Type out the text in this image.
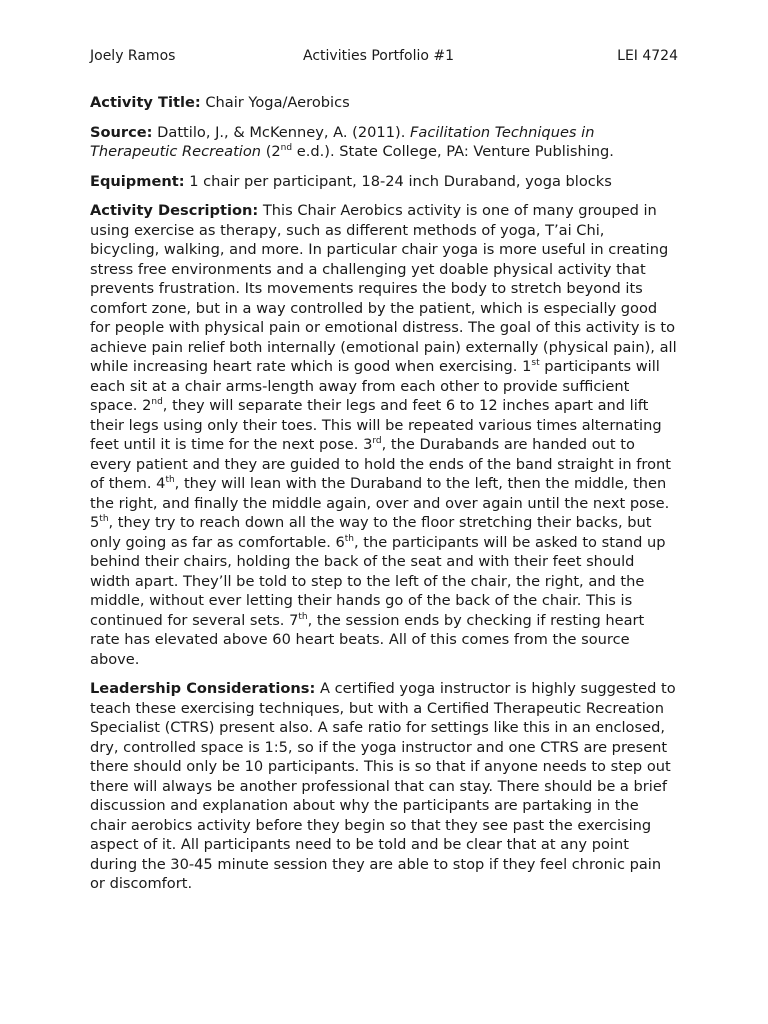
Joely Ramos	Activities Portfolio #1	LEI 4724

Activity Title: Chair Yoga/Aerobics

Source: Dattilo, J., & McKenney, A. (2011). Facilitation Techniques in Therapeutic Recreation (2nd e.d.). State College, PA: Venture Publishing.

Equipment: 1 chair per participant, 18-24 inch Duraband, yoga blocks

Activity Description: This Chair Aerobics activity is one of many grouped in using exercise as therapy, such as different methods of yoga, T’ai Chi, bicycling, walking, and more. In particular chair yoga is more useful in creating stress free environments and a challenging yet doable physical activity that prevents frustration. Its movements requires the body to stretch beyond its comfort zone, but in a way controlled by the patient, which is especially good for people with physical pain or emotional distress. The goal of this activity is to achieve pain relief both internally (emotional pain) externally (physical pain), all while increasing heart rate which is good when exercising. 1st participants will each sit at a chair arms-length away from each other to provide sufficient space. 2nd, they will separate their legs and feet 6 to 12 inches apart and lift their legs using only their toes. This will be repeated various times alternating feet until it is time for the next pose. 3rd, the Durabands are handed out to every patient and they are guided to hold the ends of the band straight in front of them. 4th, they will lean with the Duraband to the left, then the middle, then the right, and finally the middle again, over and over again until the next pose. 5th, they try to reach down all the way to the floor stretching their backs, but only going as far as comfortable. 6th, the participants will be asked to stand up behind their chairs, holding the back of the seat and with their feet should width apart. They’ll be told to step to the left of the chair, the right, and the middle, without ever letting their hands go of the back of the chair. This is continued for several sets. 7th, the session ends by checking if resting heart rate has elevated above 60 heart beats. All of this comes from the source above.

Leadership Considerations: A certified yoga instructor is highly suggested to teach these exercising techniques, but with a Certified Therapeutic Recreation Specialist (CTRS) present also. A safe ratio for settings like this in an enclosed, dry, controlled space is 1:5, so if the yoga instructor and one CTRS are present there should only be 10 participants. This is so that if anyone needs to step out there will always be another professional that can stay. There should be a brief discussion and explanation about why the participants are partaking in the chair aerobics activity before they begin so that they see past the exercising aspect of it. All participants need to be told and be clear that at any point during the 30-45 minute session they are able to stop if they feel chronic pain or discomfort.
